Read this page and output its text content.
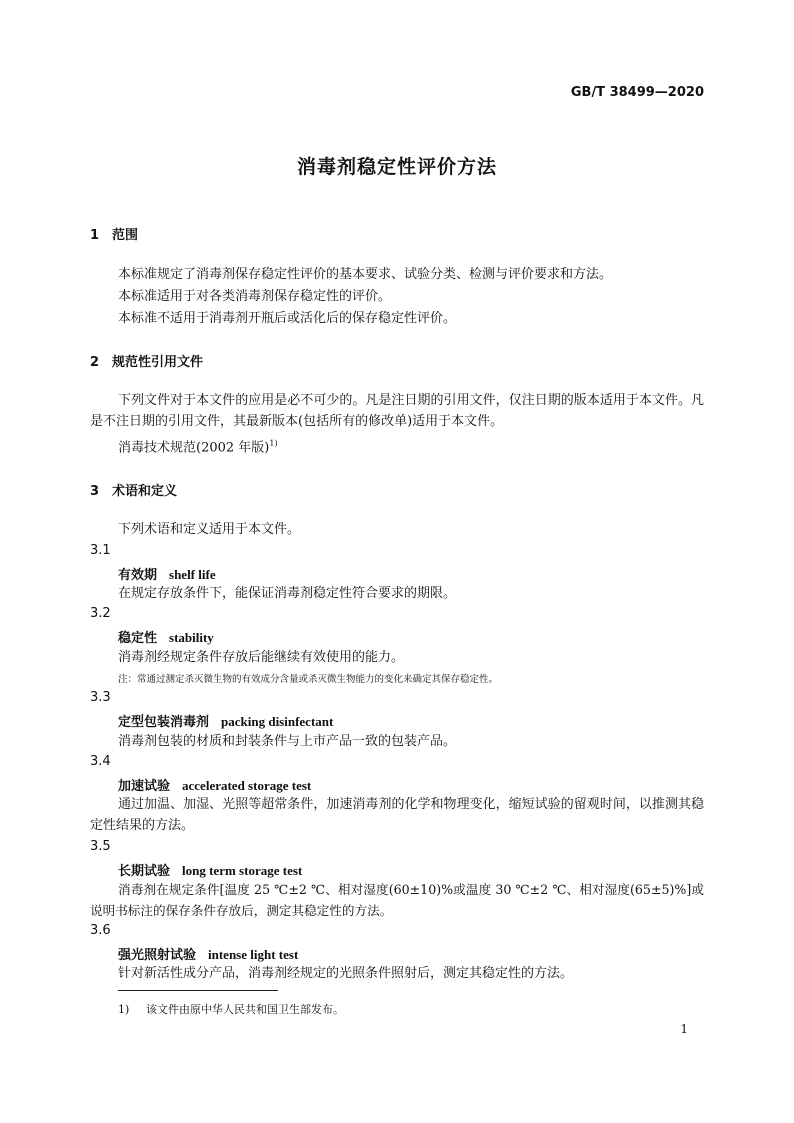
GB/T 38499—2020
消毒剂稳定性评价方法
1 范围
本标准规定了消毒剂保存稳定性评价的基本要求、试验分类、检测与评价要求和方法。
本标准适用于对各类消毒剂保存稳定性的评价。
本标准不适用于消毒剂开瓶后或活化后的保存稳定性评价。
2 规范性引用文件
下列文件对于本文件的应用是必不可少的。凡是注日期的引用文件，仅注日期的版本适用于本文件。凡是不注日期的引用文件，其最新版本(包括所有的修改单)适用于本文件。
消毒技术规范(2002 年版)$^{1)}$
3 术语和定义
下列术语和定义适用于本文件。
3.1
有效期 shelf life
在规定存放条件下，能保证消毒剂稳定性符合要求的期限。
3.2
稳定性 stability
消毒剂经规定条件存放后能继续有效使用的能力。
注：常通过测定杀灭微生物的有效成分含量或杀灭微生物能力的变化来确定其保存稳定性。
3.3
定型包装消毒剂 packing disinfectant
消毒剂包装的材质和封装条件与上市产品一致的包装产品。
3.4
加速试验 accelerated storage test
通过加温、加湿、光照等超常条件，加速消毒剂的化学和物理变化，缩短试验的留观时间，以推测其稳定性结果的方法。
3.5
长期试验 long term storage test
消毒剂在规定条件[温度 25 ℃±2 ℃、相对湿度(60±10)%或温度 30 ℃±2 ℃、相对湿度(65±5)%]或说明书标注的保存条件存放后，测定其稳定性的方法。
3.6
强光照射试验 intense light test
针对新活性成分产品，消毒剂经规定的光照条件照射后，测定其稳定性的方法。
1) 该文件由原中华人民共和国卫生部发布。
1
